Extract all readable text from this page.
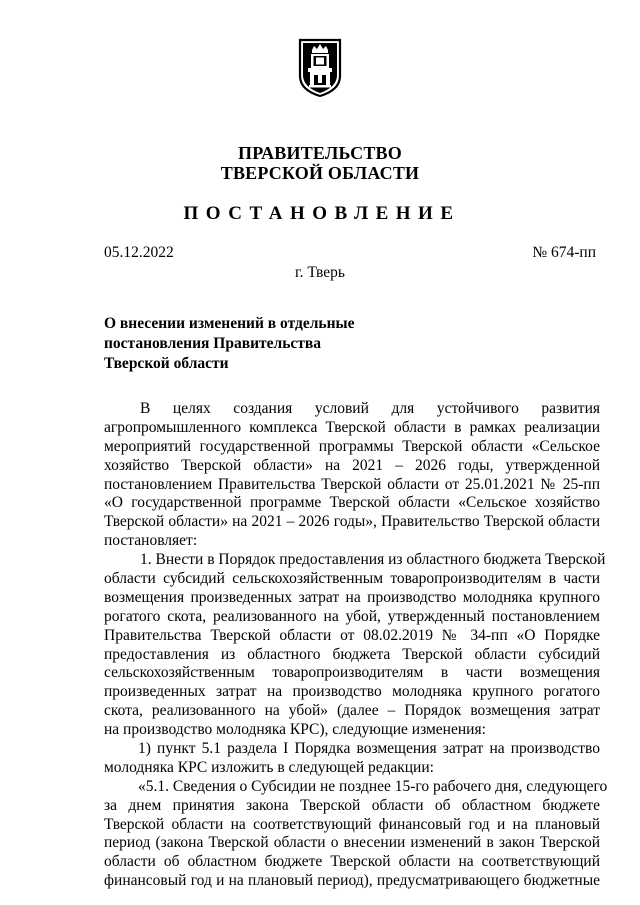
ПРАВИТЕЛЬСТВО
ТВЕРСКОЙ ОБЛАСТИ
ПОСТАНОВЛЕНИЕ
05.12.2022	№ 674-пп
г. Тверь
О внесении изменений в отдельные
постановления Правительства
Тверской области
В целях создания условий для устойчивого развития
агропромышленного комплекса Тверской области в рамках реализации
мероприятий государственной программы Тверской области «Сельское
хозяйство Тверской области» на 2021 – 2026 годы, утвержденной
постановлением Правительства Тверской области от 25.01.2021 № 25-пп
«О государственной программе Тверской области «Сельское хозяйство
Тверской области» на 2021 – 2026 годы», Правительство Тверской области
постановляет:
1. Внести в Порядок предоставления из областного бюджета Тверской
области субсидий сельскохозяйственным товаропроизводителям в части
возмещения произведенных затрат на производство молодняка крупного
рогатого скота, реализованного на убой, утвержденный постановлением
Правительства Тверской области от 08.02.2019 № 34-пп «О Порядке
предоставления из областного бюджета Тверской области субсидий
сельскохозяйственным товаропроизводителям в части возмещения
произведенных затрат на производство молодняка крупного рогатого
скота, реализованного на убой» (далее – Порядок возмещения затрат
на производство молодняка КРС), следующие изменения:
1) пункт 5.1 раздела I Порядка возмещения затрат на производство
молодняка КРС изложить в следующей редакции:
«5.1. Сведения о Субсидии не позднее 15-го рабочего дня, следующего
за днем принятия закона Тверской области об областном бюджете
Тверской области на соответствующий финансовый год и на плановый
период (закона Тверской области о внесении изменений в закон Тверской
области об областном бюджете Тверской области на соответствующий
финансовый год и на плановый период), предусматривающего бюджетные
